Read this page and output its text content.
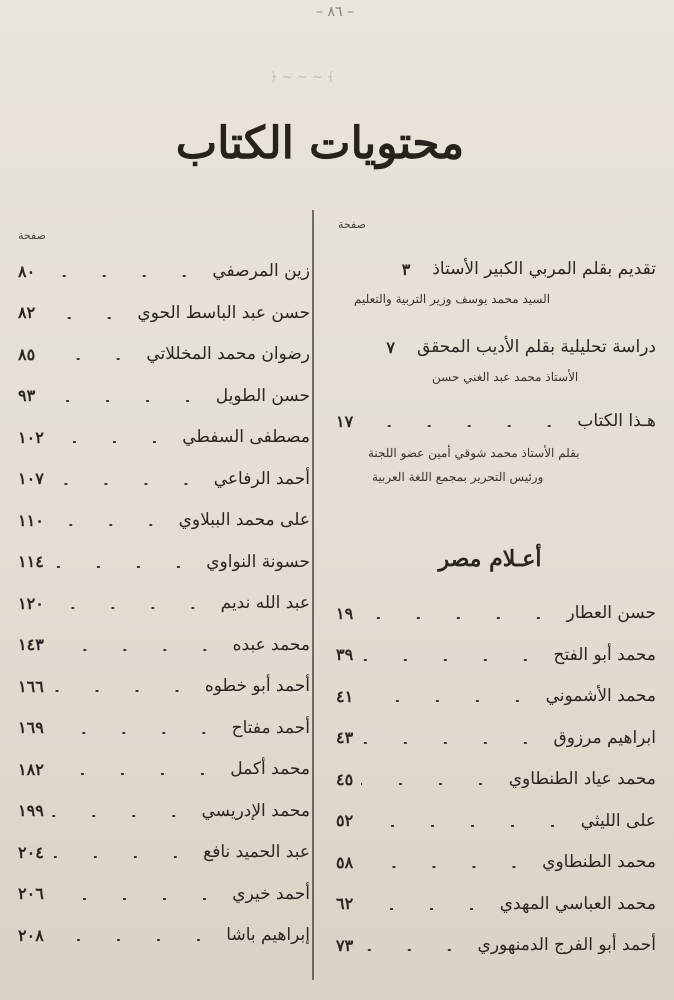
– ٨٦ –
﴾ ~ ~ ~ ﴿
محتويات الكتاب
صفحة
صفحة
تقديم بقلم المربي الكبير الأستاذ
٣
السيد محمد يوسف وزير التربية والتعليم
دراسة تحليلية بقلم الأديب المحقق
٧
الأستاذ محمد عبد الغني حسن
هـذا الكتاب
١٧
بقلم الأستاذ محمد شوقي أمين عضو اللجنة
ورئيس التحرير بمجمع اللغة العربية
أعـلام مصر
حسن العطار
١٩
محمد أبو الفتح
٣٩
محمد الأشموني
٤١
ابراهيم مرزوق
٤٣
محمد عياد الطنطاوي
٤٥
على الليثي
٥٢
محمد الطنطاوي
٥٨
محمد العباسي المهدي
٦٢
أحمد أبو الفرج الدمنهوري
٧٣
زين المرصفي
٨٠
حسن عبد الباسط الحوي
٨٢
رضوان محمد المخللاتي
٨٥
حسن الطويل
٩٣
مصطفى السفطي
١٠٢
أحمد الرفاعي
١٠٧
على محمد الببلاوي
١١٠
حسونة النواوي
١١٤
عبد الله نديم
١٢٠
محمد عبده
١٤٣
أحمد أبو خطوه
١٦٦
أحمد مفتاح
١٦٩
محمد أكمل
١٨٢
محمد الإدريسي
١٩٩
عبد الحميد نافع
٢٠٤
أحمد خيري
٢٠٦
إبراهيم باشا
٢٠٨
